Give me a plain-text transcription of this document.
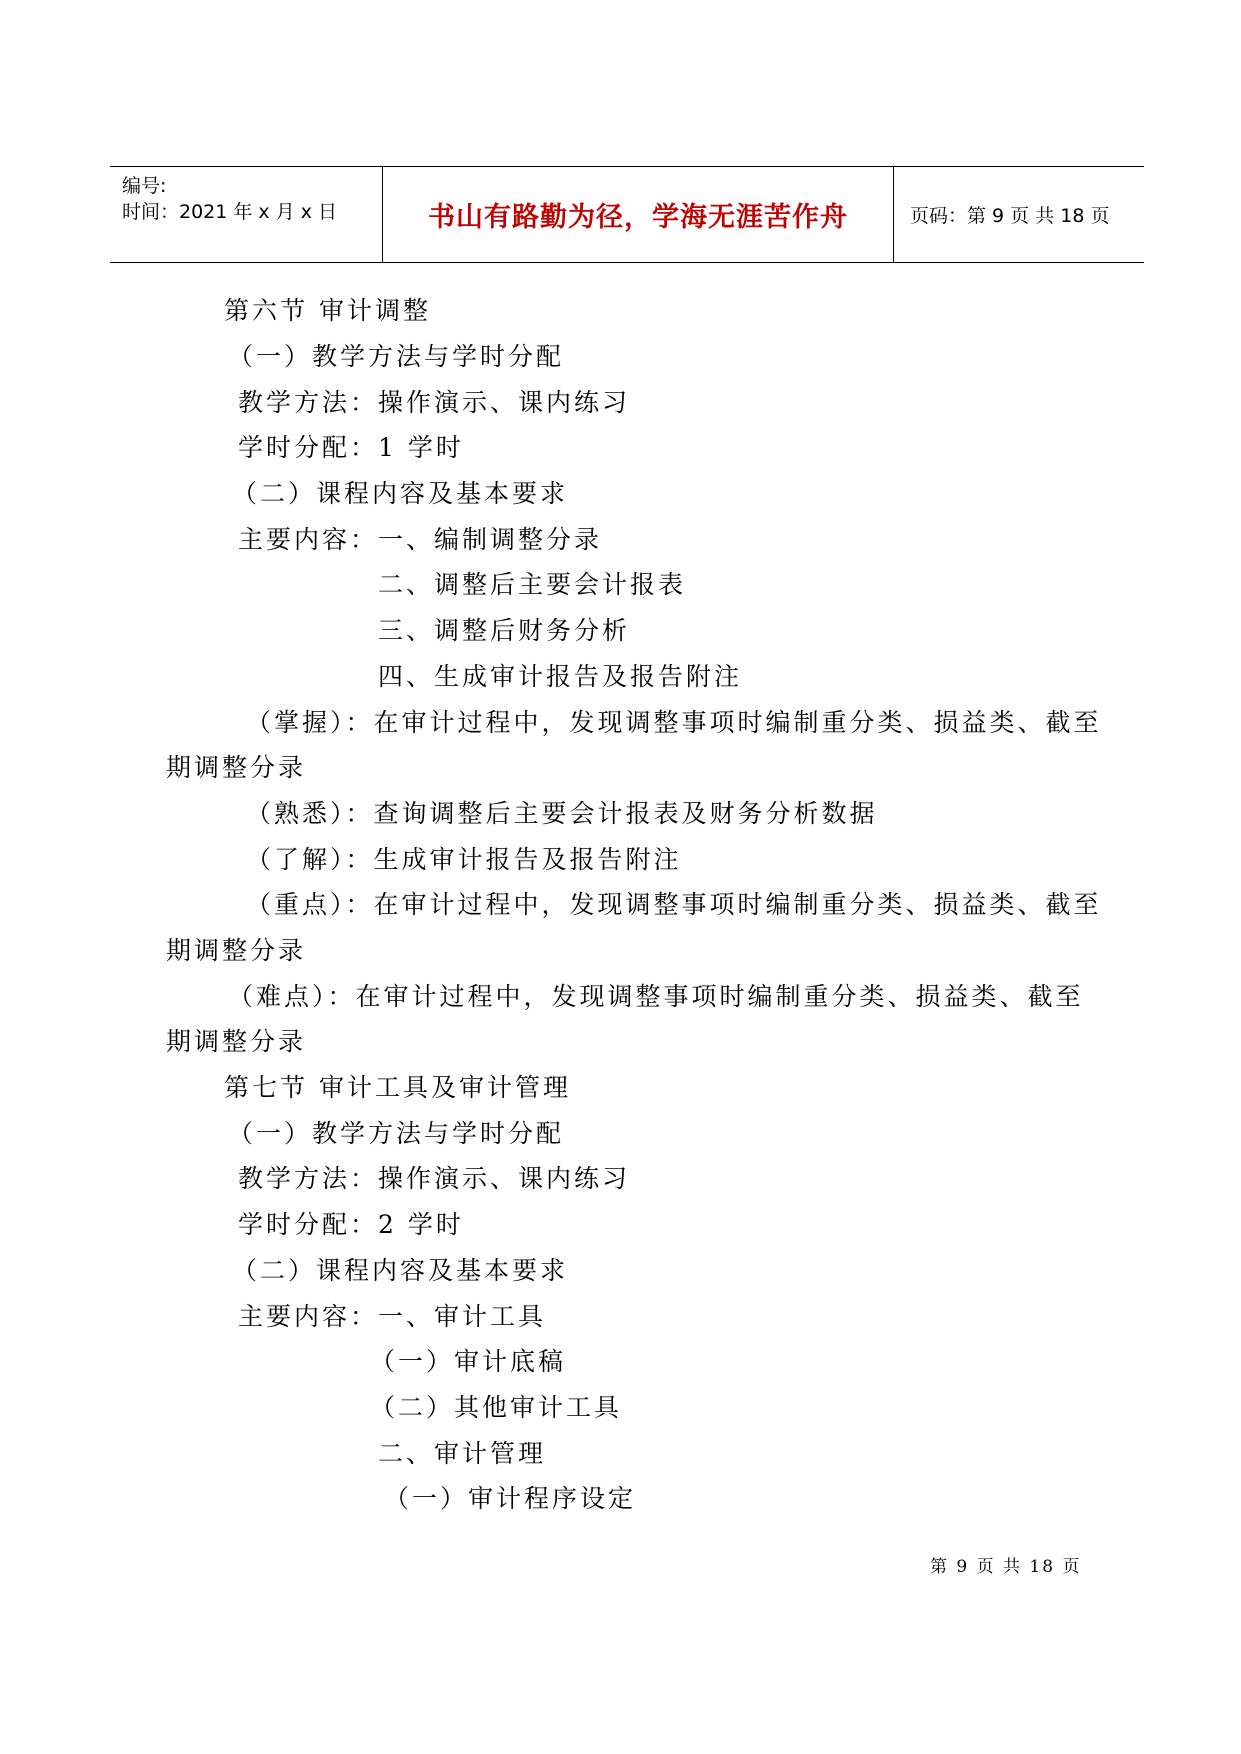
编号:
时间：2021 年 x 月 x 日	书山有路勤为径，学海无涯苦作舟	页码：第 9 页 共 18 页
第六节 审计调整
（一）教学方法与学时分配
教学方法：操作演示、课内练习
学时分配：1 学时
（二）课程内容及基本要求
主要内容：一、编制调整分录
二、调整后主要会计报表
三、调整后财务分析
四、生成审计报告及报告附注
（掌握）：在审计过程中，发现调整事项时编制重分类、损益类、截至
期调整分录
（熟悉）：查询调整后主要会计报表及财务分析数据
（了解）：生成审计报告及报告附注
（重点）：在审计过程中，发现调整事项时编制重分类、损益类、截至
期调整分录
（难点）：在审计过程中，发现调整事项时编制重分类、损益类、截至
期调整分录
第七节 审计工具及审计管理
（一）教学方法与学时分配
教学方法：操作演示、课内练习
学时分配：2 学时
（二）课程内容及基本要求
主要内容：一、审计工具
（一）审计底稿
（二）其他审计工具
二、审计管理
（一）审计程序设定
第 9 页 共 18 页
